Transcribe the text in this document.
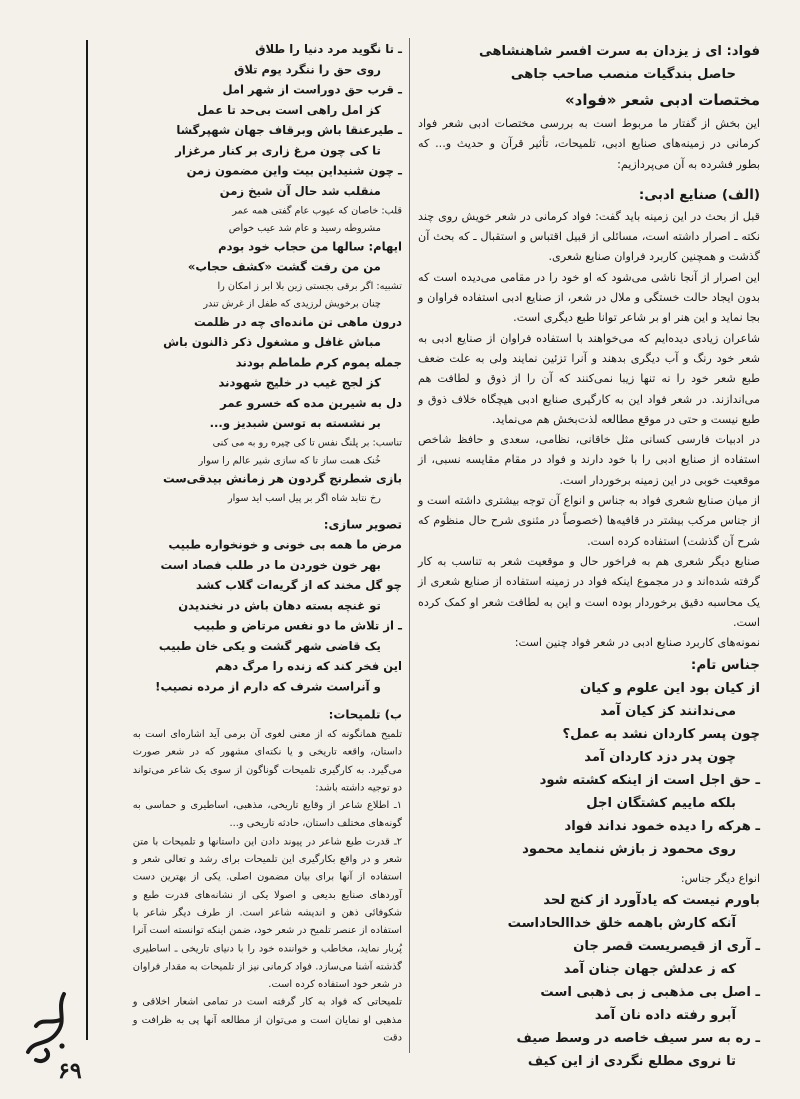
فواد: ای ز یزدان به سرت افسر شاهنشاهی

حاصل بندگیات منصب صاحب جاهی

مختصات ادبی شعر «فواد»

این بخش از گفتار ما مربوط است به بررسی مختصات ادبی شعر فواد کرمانی در زمینه‌های صنایع ادبی، تلمیحات، تأثیر قرآن و حدیث و... که بطور فشرده به آن می‌پردازیم:

(الف) صنایع ادبی:

قبل از بحث در این زمینه باید گفت: فواد کرمانی در شعر خویش روی چند نکته ـ اصرار داشته است، مسائلی از قبیل اقتباس و استقبال ـ که بحث آن گذشت و همچنین کاربرد فراوان صنایع شعری.

این اصرار از آنجا ناشی می‌شود که او خود را در مقامی می‌دیده است که بدون ایجاد حالت خستگی و ملال در شعر، از صنایع ادبی استفاده فراوان و بجا نماید و این هنر او بر شاعر توانا طبع دیگری است.

شاعران زیادی دیده‌ایم که می‌خواهند با استفاده فراوان از صنایع ادبی به شعر خود رنگ و آب دیگری بدهند و آنرا تزئین نمایند ولی به علت ضعف طبع شعر خود را نه تنها زیبا نمی‌کنند که آن را از ذوق و لطافت هم می‌اندازند. در شعر فواد این به کارگیری صنایع ادبی هیچگاه خلاف ذوق و طبع نیست و حتی در موقع مطالعه لذت‌بخش هم می‌نماید.

در ادبیات فارسی کسانی مثل خاقانی، نظامی، سعدی و حافظ شاخص استفاده از صنایع ادبی را با خود دارند و فواد در مقام مقایسه نسبی، از موقعیت خوبی در این زمینه برخوردار است.

از میان صنایع شعری فواد به جناس و انواع آن توجه بیشتری داشته است و از جناس مرکب بیشتر در قافیه‌ها (خصوصاً در مثنوی شرح حال منظوم که شرح آن گذشت) استفاده کرده است.

صنایع دیگر شعری هم به فراخور حال و موقعیت شعر به تناسب به کار گرفته شده‌اند و در مجموع اینکه فواد در زمینه استفاده از صنایع شعری از یک محاسبه دقیق برخوردار بوده است و این به لطافت شعر او کمک کرده است.

نمونه‌های کاربرد صنایع ادبی در شعر فواد چنین است:

جناس تام:

از کیان بود این علوم و کیان

می‌ندانند کز کیان آمد

چون پسر کاردان نشد به عمل؟

چون پدر دزد کاردان آمد

ـ حق اجل است از اینکه کشته شود

بلکه ماییم کشتگان اجل

ـ هرکه را دیده خمود نداند فواد

روی محمود ز بازش ننماید محمود

انواع دیگر جناس:

باورم نیست که یادآورد از کنج لحد

آنکه کارش باهمه خلق خداالحاداست

ـ آری از قیصریست قصر جان

که ز عدلش جهان جنان آمد

ـ اصل بی مذهبی ز بی ذهبی است

آبرو رفته داده نان آمد

ـ ره به سر سیف خاصه در وسط صیف

تا نروی مطلع نگردی از این کیف

ـ تا نگوید مرد دنیا را طلاق

روی حق را ننگرد یوم تلاق

ـ قرب حق دوراست از شهر امل

کز امل راهی است بی‌حد تا عمل

ـ طیرعنقا باش وبرقاف جهان شهپرگشا

تا کی چون مرغ زاری بر کنار مرغزار

ـ چون شنیداین بیت واین مضمون زمن

منقلب شد حال آن شیخ زمن

قلب: خاصان که عیوب عام گفتی همه عمر

مشروطه رسید و عام شد عیب خواص

ایهام: سالها من حجاب خود بودم

من من رفت گشت «کشف حجاب»

تشبیه: اگر برقی بجستی زین بلا ابر ز امکان را

چنان برخویش لرزیدی که طفل از غرش تندر

درون ماهی تن مانده‌ای چه در ظلمت

مباش غافل و مشغول ذکر ذالنون باش

جمله یموم کرم طماطم بودند

کز لجج غیب در خلیج شهودند

دل به شیرین مده که خسرو عمر

بر نشسته به توسن شبدیز و...

تناسب: بر پلنگ نفس تا کی چیره رو به می کنی

خُنک همت ساز تا که سازی شیر عالم را سوار

بازی شطرنج گردون هر زمانش بیدقی‌ست

رخ نتابد شاه اگر بر پیل اسب اید سوار

تصویر سازی:

مرض ما همه بی خونی و خونخواره طبیب

بهر خون خوردن ما در طلب فصاد است

چو گل مخند که از گریه‌ات گلاب کشد

تو غنچه بسته دهان باش در نخندیدن

ـ از تلاش ما دو نفس مرتاض و طبیب

یک قاضی شهر گشت و یکی خان طبیب

این فخر کند که زنده را مرگ دهم

و آنراست شرف که دارم از مرده نصیب!

ب) تلمیحات:

تلمیح همانگونه که از معنی لغوی آن برمی آید اشاره‌ای است به داستان، واقعه تاریخی و یا نکته‌ای مشهور که در شعر صورت می‌گیرد. به کارگیری تلمیحات گوناگون از سوی یک شاعر می‌تواند دو توجیه داشته باشد:

۱ـ اطلاع شاعر از وقایع تاریخی، مذهبی، اساطیری و حماسی به گونه‌های مختلف داستان، حادثه تاریخی و...

۲ـ قدرت طبع شاعر در پیوند دادن این داستانها و تلمیحات با متن شعر و در واقع بکارگیری این تلمیحات برای رشد و تعالی شعر و استفاده از آنها برای بیان مضمون اصلی. یکی از بهترین دست آوردهای صنایع بدیعی و اصولا یکی از نشانه‌های قدرت طبع و شکوفائی ذهن و اندیشه شاعر است. از طرف دیگر شاعر با استفاده از عنصر تلمیح در شعر خود، ضمن اینکه توانسته است آنرا پُربار نماید، مخاطب و خواننده خود را با دنیای تاریخی ـ اساطیری گذشته آشنا می‌سازد. فواد کرمانی نیز از تلمیحات به مقدار فراوان در شعر خود استفاده کرده است.

تلمیحاتی که فواد به کار گرفته است در تمامی اشعار اخلاقی و مذهبی او نمایان است و می‌توان از مطالعه آنها پی به ظرافت و دقت

۶۹
